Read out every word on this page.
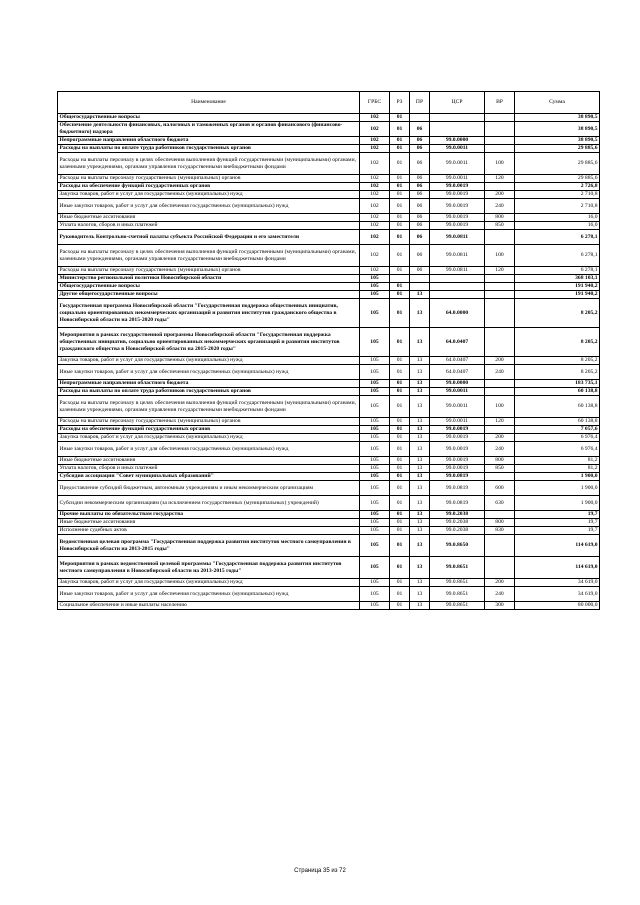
Наименование	ГРБС	РЗ	ПР	ЦСР	ВР	Сумма
Общегосударственные вопросы	102	01				38 890,5
Обеспечение деятельности финансовых, налоговых и таможенных органов и органов финансового (финансово-бюджетного) надзора	102	01	06			38 890,5
Непрограммные направления областного бюджета	102	01	06	99.0.0000		38 890,5
Расходы на выплаты по оплате труда работников государственных органов	102	01	06	99.0.0011		29 885,6
Расходы на выплаты персоналу в целях обеспечения выполнения функций государственными (муниципальными) органами, казенными учреждениями, органами управления государственными внебюджетными фондами	102	01	06	99.0.0011	100	29 885,6
Расходы на выплаты персоналу государственных (муниципальных) органов	102	01	06	99.0.0011	120	29 885,6
Расходы на обеспечение функций государственных органов	102	01	06	99.0.0019		2 726,8
Закупка товаров, работ и услуг для государственных (муниципальных) нужд	102	01	06	99.0.0019	200	2 710,8
Иные закупки товаров, работ и услуг для обеспечения государственных (муниципальных) нужд	102	01	06	99.0.0019	240	2 710,8
Иные бюджетные ассигнования	102	01	06	99.0.0019	800	16,0
Уплата налогов, сборов и иных платежей	102	01	06	99.0.0019	850	16,0
Руководитель Контрольно-счетной палаты субъекта Российской Федерации и его заместители	102	01	06	99.0.0811		6 278,1
Расходы на выплаты персоналу в целях обеспечения выполнения функций государственными (муниципальными) органами, казенными учреждениями, органами управления государственными внебюджетными фондами	102	01	06	99.0.0811	100	6 278,1
Расходы на выплаты персоналу государственных (муниципальных) органов	102	01	06	99.0.0811	120	6 278,1
Министерство региональной политики Новосибирской области	105					368 103,1
Общегосударственные вопросы	105	01				191 940,2
Другие общегосударственные вопросы	105	01	13			191 940,2
Государственная программа Новосибирской области "Государственная поддержка общественных инициатив, социально ориентированных некоммерческих организаций и развития институтов гражданского общества в Новосибирской области на 2015-2020 годы"	105	01	13	64.0.0000		8 205,2
Мероприятия в рамках государственной программы Новосибирской области "Государственная поддержка общественных инициатив, социально ориентированных некоммерческих организаций и развития институтов гражданского общества в Новосибирской области на 2015-2020 годы"	105	01	13	64.0.0407		8 205,2
Закупка товаров, работ и услуг для государственных (муниципальных) нужд	105	01	13	64.0.0407	200	8 205,2
Иные закупки товаров, работ и услуг для обеспечения государственных (муниципальных) нужд	105	01	13	64.0.0407	240	8 205,2
Непрограммные направления областного бюджета	105	01	13	99.0.0000		183 735,1
Расходы на выплаты по оплате труда работников государственных органов	105	01	13	99.0.0011		60 138,8
Расходы на выплаты персоналу в целях обеспечения выполнения функций государственными (муниципальными) органами, казенными учреждениями, органами управления государственными внебюджетными фондами	105	01	13	99.0.0011	100	60 138,8
Расходы на выплаты персоналу государственных (муниципальных) органов	105	01	13	99.0.0011	120	60 138,8
Расходы на обеспечение функций государственных органов	105	01	13	99.0.0019		7 057,6
Закупка товаров, работ и услуг для государственных (муниципальных) нужд	105	01	13	99.0.0019	200	6 976,4
Иные закупки товаров, работ и услуг для обеспечения государственных (муниципальных) нужд	105	01	13	99.0.0019	240	6 976,4
Иные бюджетные ассигнования	105	01	13	99.0.0019	800	81,2
Уплата налогов, сборов и иных платежей	105	01	13	99.0.0019	850	81,2
Субсидия ассоциации "Совет муниципальных образований"	105	01	13	99.0.0819		1 900,0
Предоставление субсидий бюджетным, автономным учреждениям и иным некоммерческим организациям	105	01	13	99.0.0819	600	1 900,0
Субсидии некоммерческим организациям (за исключением государственных (муниципальных) учреждений)	105	01	13	99.0.0819	630	1 900,0
Прочие выплаты по обязательствам государства	105	01	13	99.0.2038		19,7
Иные бюджетные ассигнования	105	01	13	99.0.2038	800	19,7
Исполнение судебных актов	105	01	13	99.0.2038	830	19,7
Ведомственная целевая программа "Государственная поддержка развития институтов местного самоуправления в Новосибирской области на 2013-2015 годы"	105	01	13	99.0.8650		114 619,0
Мероприятия в рамках ведомственной целевой программы "Государственная поддержка развития институтов местного самоуправления в Новосибирской области на 2013-2015 годы"	105	01	13	99.0.8651		114 619,0
Закупка товаров, работ и услуг для государственных (муниципальных) нужд	105	01	13	99.0.8651	200	34 619,0
Иные закупки товаров, работ и услуг для обеспечения государственных (муниципальных) нужд	105	01	13	99.0.8651	240	34 619,0
Социальное обеспечение и иные выплаты населению	105	01	13	99.0.8651	300	80 000,0
Страница 35 из 72
